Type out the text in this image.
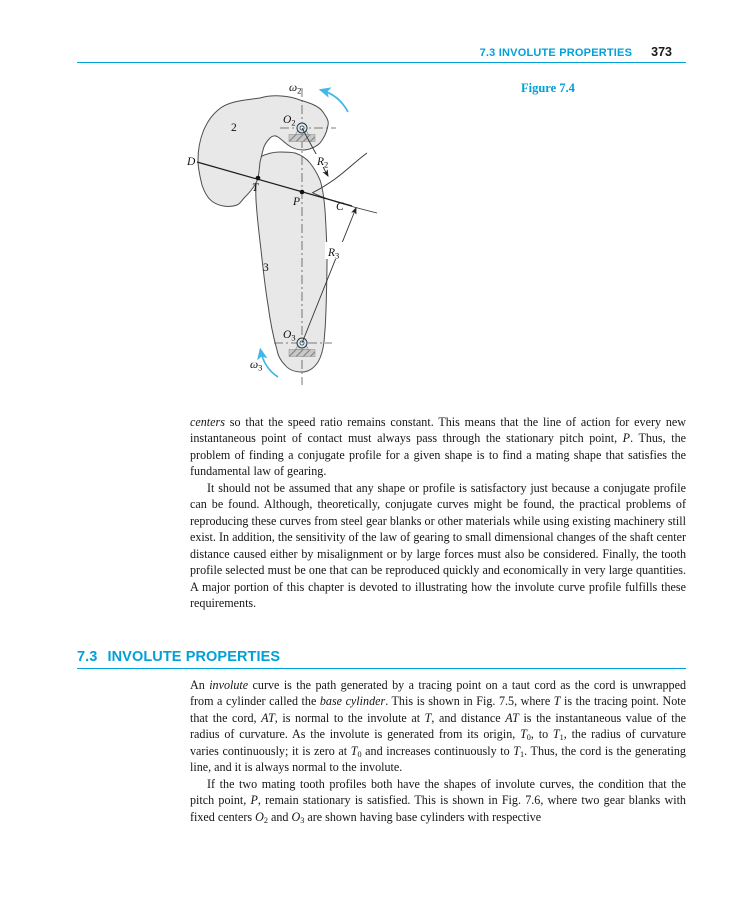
7.3 INVOLUTE PROPERTIES 373
Figure 7.4
$\omega_2$
2
$O_2$
D	$R_2$
T
P	C
$R_3$
3
$O_3$
$\omega_3$

centers so that the speed ratio remains constant. This means that the line of action for every new instantaneous point of contact must always pass through the stationary pitch point, P. Thus, the problem of finding a conjugate profile for a given shape is to find a mating shape that satisfies the fundamental law of gearing.

It should not be assumed that any shape or profile is satisfactory just because a conjugate profile can be found. Although, theoretically, conjugate curves might be found, the practical problems of reproducing these curves from steel gear blanks or other materials while using existing machinery still exist. In addition, the sensitivity of the law of gearing to small dimensional changes of the shaft center distance caused either by misalignment or by large forces must also be considered. Finally, the tooth profile selected must be one that can be reproduced quickly and economically in very large quantities. A major portion of this chapter is devoted to illustrating how the involute curve profile fulfills these requirements.

7.3 INVOLUTE PROPERTIES

An involute curve is the path generated by a tracing point on a taut cord as the cord is unwrapped from a cylinder called the base cylinder. This is shown in Fig. 7.5, where T is the tracing point. Note that the cord, AT, is normal to the involute at T, and distance AT is the instantaneous value of the radius of curvature. As the involute is generated from its origin, $T_0$, to $T_1$, the radius of curvature varies continuously; it is zero at $T_0$ and increases continuously to $T_1$. Thus, the cord is the generating line, and it is always normal to the involute.

If the two mating tooth profiles both have the shapes of involute curves, the condition that the pitch point, P, remain stationary is satisfied. This is shown in Fig. 7.6, where two gear blanks with fixed centers $O_2$ and $O_3$ are shown having base cylinders with respective
